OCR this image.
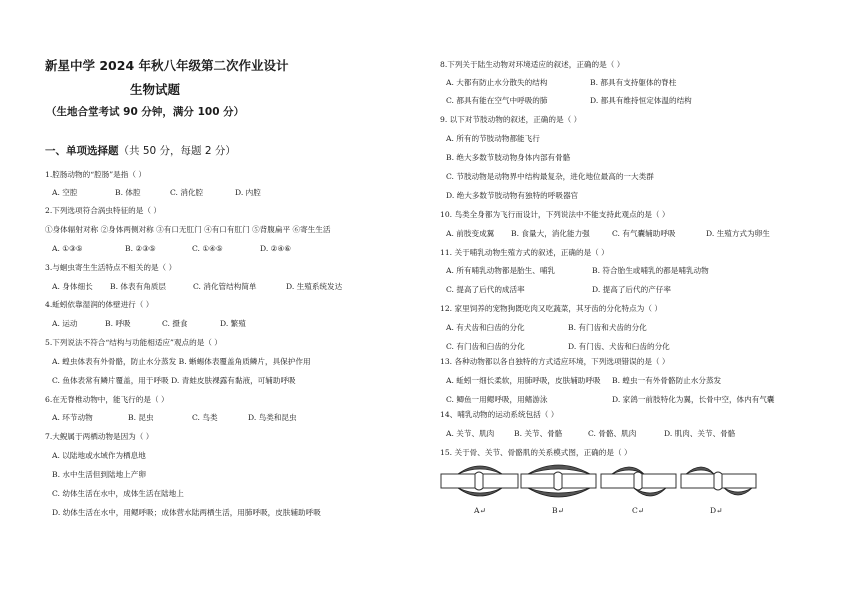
新星中学 2024 年秋八年级第二次作业设计
生物试题
（生地合堂考试 90 分钟，满分 100 分）
一、单项选择题（共 50 分，每题 2 分）
1.腔肠动物的“腔肠”是指（ ）
A. 空腔	B. 体腔	C. 消化腔	D. 内腔
2.下列选项符合涡虫特征的是（ ）
①身体辐射对称 ②身体两侧对称 ③有口无肛门 ④有口有肛门 ⑤背腹扁平 ⑥寄生生活
A. ①③⑤	B. ②③⑤	C. ①④⑤	D. ②④⑥
3.与蛔虫寄生生活特点不相关的是（ ）
A. 身体细长 B. 体表有角质层	C. 消化管结构简单	D. 生殖系统发达
4.蚯蚓依靠湿润的体壁进行（ ）
A. 运动	B. 呼吸	C. 摄食	D. 繁殖
5.下列说法不符合“结构与功能相适应”观点的是（ ）
A. 蝗虫体表有外骨骼，防止水分蒸发 B. 蜥蜴体表覆盖角质鳞片，具保护作用
C. 鱼体表常有鳞片覆盖，用于呼吸 D. 青蛙皮肤裸露有黏液，可辅助呼吸
6.在无脊椎动物中，能飞行的是（ ）
A. 环节动物	B. 昆虫	C. 鸟类	D. 鸟类和昆虫
7.大鲵属于两栖动物是因为（ ）
A. 以陆地或水域作为栖息地
B. 水中生活但到陆地上产卵
C. 幼体生活在水中，成体生活在陆地上
D. 幼体生活在水中，用鳃呼吸；成体营水陆两栖生活，用肺呼吸，皮肤辅助呼吸
8.下列关于陆生动物对环境适应的叙述，正确的是（ ）
A. 大都有防止水分散失的结构	B. 都具有支持躯体的脊柱
C. 都具有能在空气中呼吸的肺	D. 都具有维持恒定体温的结构
9. 以下对节肢动物的叙述，正确的是（ ）
A. 所有的节肢动物都能飞行
B. 绝大多数节肢动物身体内部有骨骼
C. 节肢动物是动物界中结构最复杂，进化地位最高的一大类群
D. 绝大多数节肢动物有独特的呼吸器官
10. 鸟类全身都为飞行而设计，下列说法中不能支持此观点的是（ ）
A. 前肢变成翼 B. 食量大，消化能力强	C. 有气囊辅助呼吸	D. 生殖方式为卵生
11. 关于哺乳动物生殖方式的叙述，正确的是（ ）
A. 所有哺乳动物都是胎生、哺乳	B. 符合胎生或哺乳的都是哺乳动物
C. 提高了后代的成活率	D. 提高了后代的产仔率
12. 家里饲养的宠物狗既吃肉又吃蔬菜，其牙齿的分化特点为（ ）
A. 有犬齿和臼齿的分化	B. 有门齿和犬齿的分化
C. 有门齿和臼齿的分化	D. 有门齿、犬齿和臼齿的分化
13. 各种动物都以各自独特的方式适应环境，下列选项错误的是（ ）
A. 蚯蚓一细长柔软，用肺呼吸，皮肤辅助呼吸 B. 蝗虫一有外骨骼防止水分蒸发
C. 鲫鱼一用鳃呼吸，用鳍游泳	D. 家鸽一前肢特化为翼，长骨中空，体内有气囊
14、哺乳动物的运动系统包括（ ）
A. 关节、肌肉	B. 关节、骨骼	C. 骨骼、肌肉	D. 肌肉、关节、骨骼
15. 关于骨、关节、骨骼肌的关系模式图，正确的是（ ）
A↵	B↵	C↵	D↵
